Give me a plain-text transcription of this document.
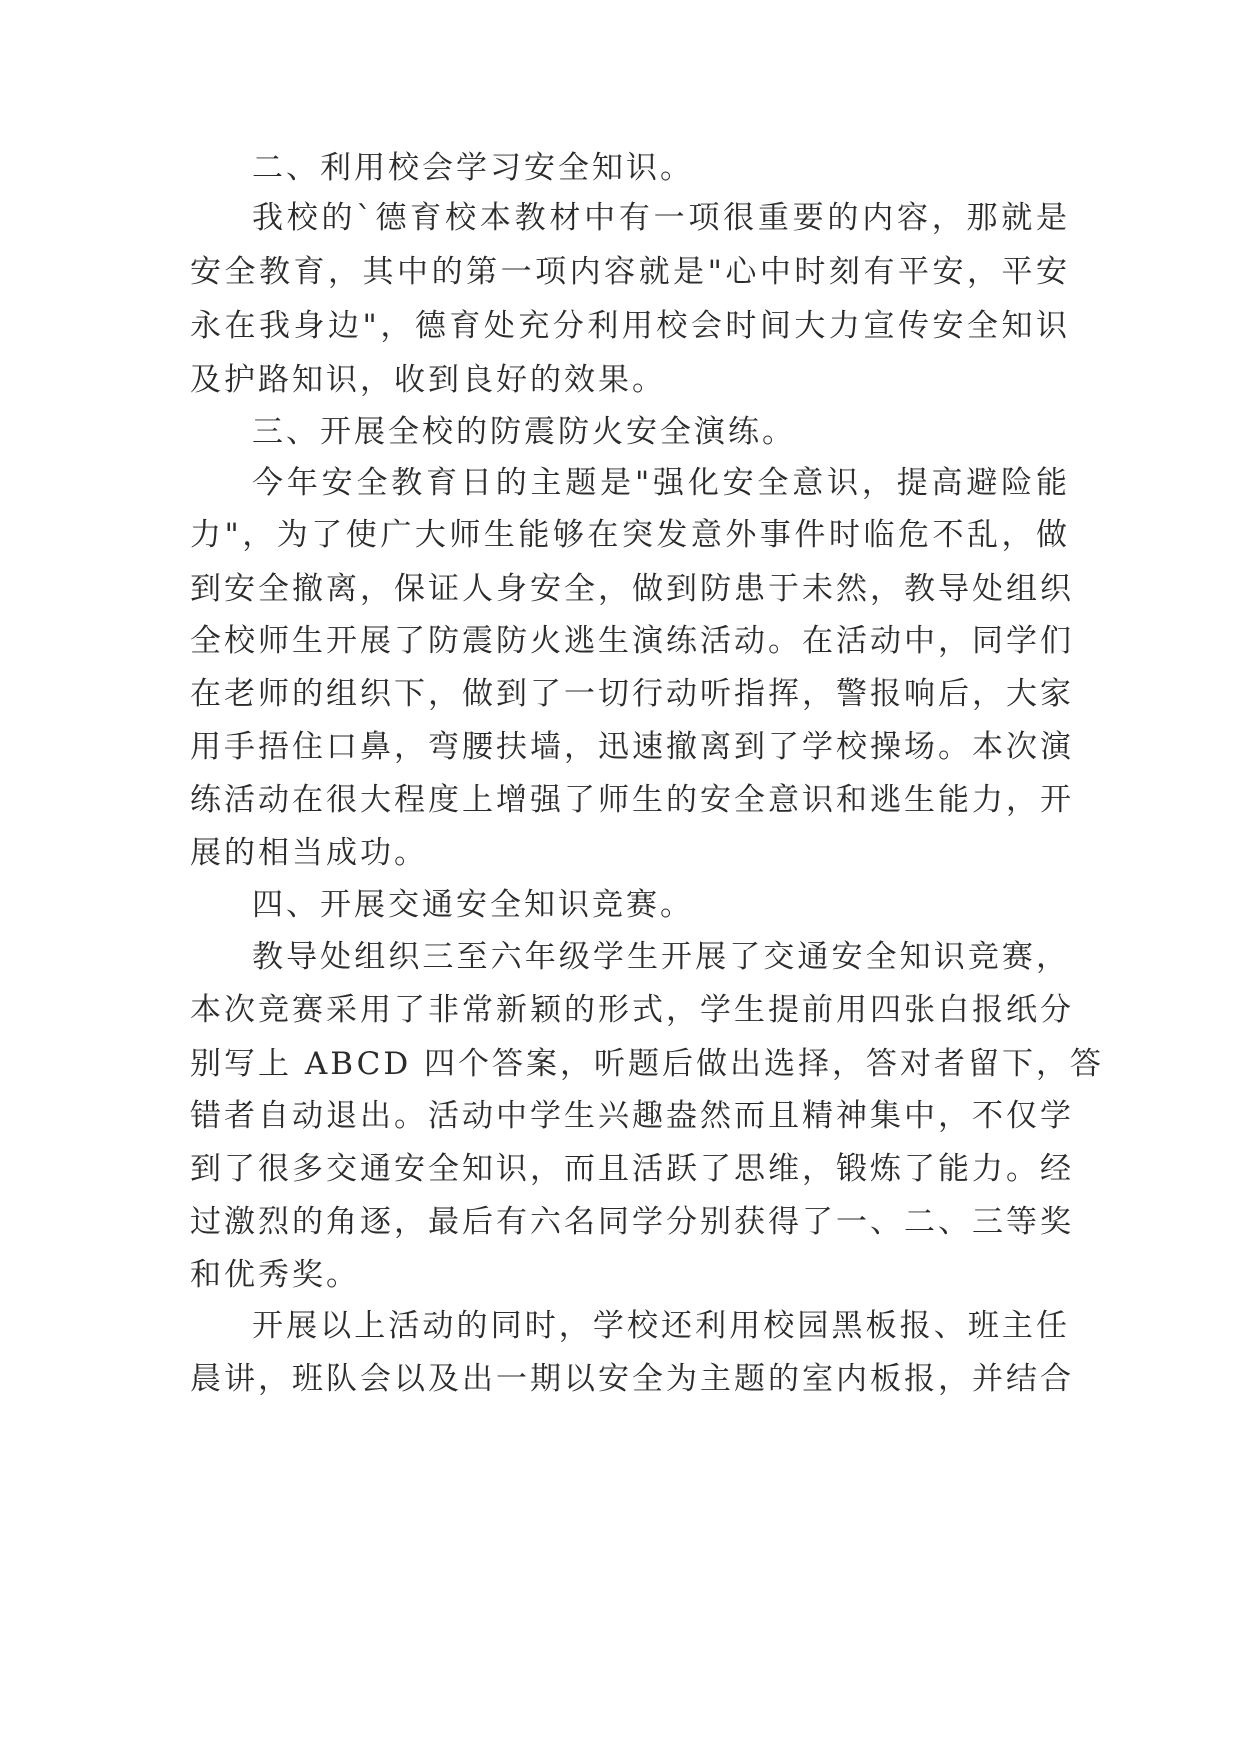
二、利用校会学习安全知识。

我校的`德育校本教材中有一项很重要的内容，那就是

安全教育，其中的第一项内容就是"心中时刻有平安，平安

永在我身边"，德育处充分利用校会时间大力宣传安全知识

及护路知识，收到良好的效果。

三、开展全校的防震防火安全演练。

今年安全教育日的主题是"强化安全意识，提高避险能

力"，为了使广大师生能够在突发意外事件时临危不乱，做

到安全撤离，保证人身安全，做到防患于未然，教导处组织

全校师生开展了防震防火逃生演练活动。在活动中，同学们

在老师的组织下，做到了一切行动听指挥，警报响后，大家

用手捂住口鼻，弯腰扶墙，迅速撤离到了学校操场。本次演

练活动在很大程度上增强了师生的安全意识和逃生能力，开

展的相当成功。

四、开展交通安全知识竞赛。

教导处组织三至六年级学生开展了交通安全知识竞赛，

本次竞赛采用了非常新颖的形式，学生提前用四张白报纸分

别写上 ABCD 四个答案，听题后做出选择，答对者留下，答

错者自动退出。活动中学生兴趣盎然而且精神集中，不仅学

到了很多交通安全知识，而且活跃了思维，锻炼了能力。经

过激烈的角逐，最后有六名同学分别获得了一、二、三等奖

和优秀奖。

开展以上活动的同时，学校还利用校园黑板报、班主任

晨讲，班队会以及出一期以安全为主题的室内板报，并结合
